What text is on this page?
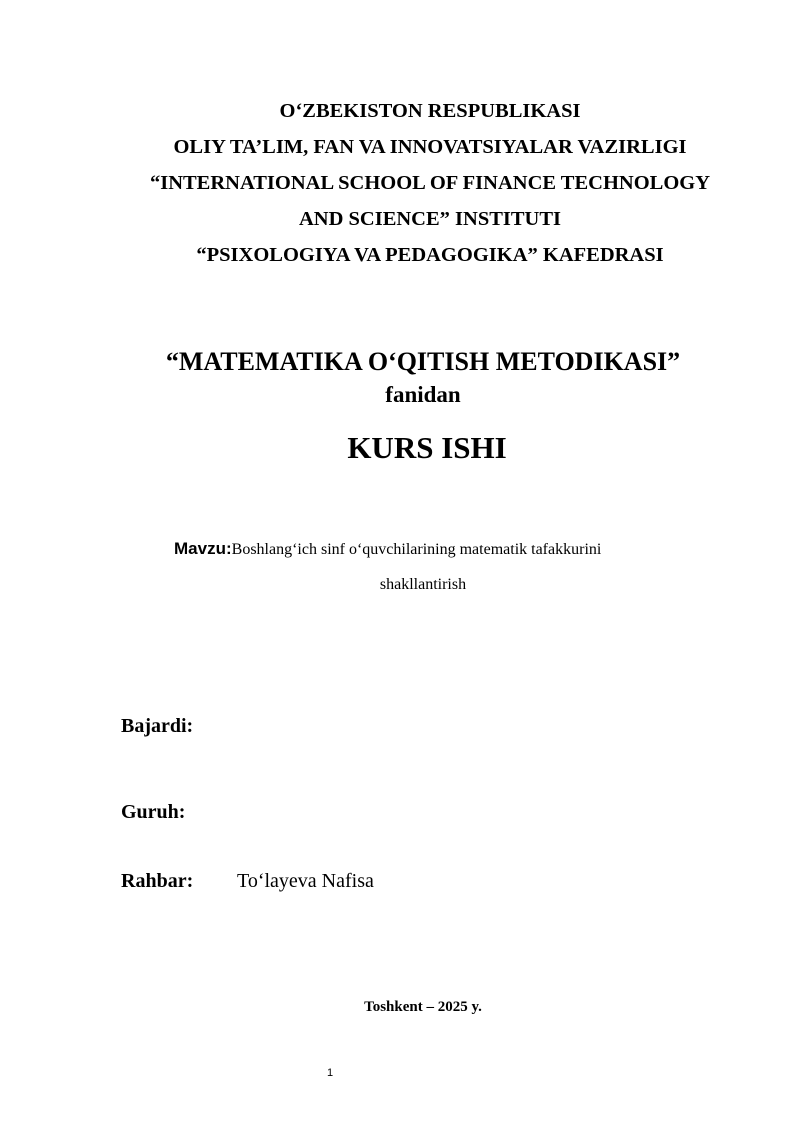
O‘ZBEKISTON RESPUBLIKASI
OLIY TA’LIM, FAN VA INNOVATSIYALAR VAZIRLIGI
“INTERNATIONAL SCHOOL OF FINANCE TECHNOLOGY
AND SCIENCE” INSTITUTI
“PSIXOLOGIYA VA PEDAGOGIKA” KAFEDRASI
“MATEMATIKA O‘QITISH METODIKASI”
fanidan
KURS ISHI
Mavzu:Boshlang‘ich sinf o‘quvchilarining matematik tafakkurini
shakllantirish
Bajardi:
Guruh:
Rahbar: To‘layeva Nafisa
Toshkent – 2025 y.
1
